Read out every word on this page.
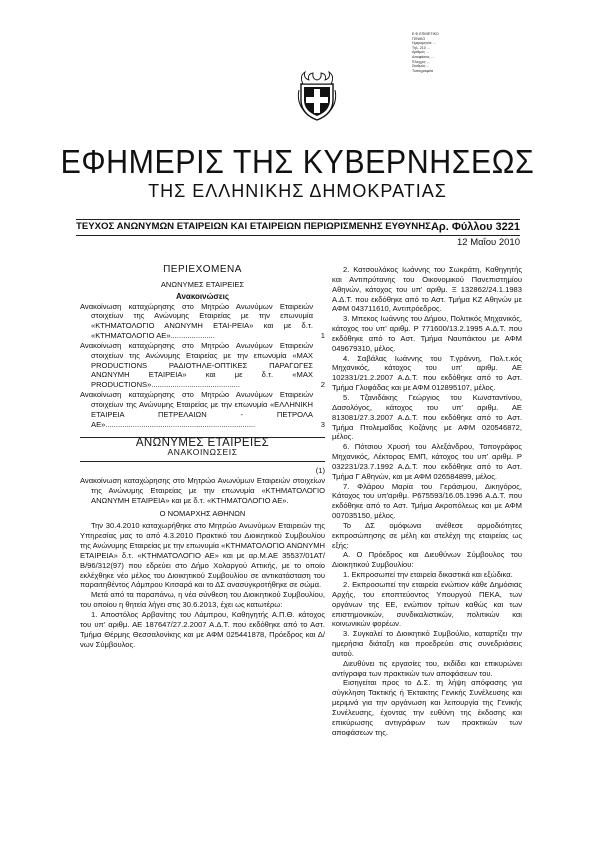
Ε.Φ.ΕΠΙΘΕΤΙΚΟ
ΓΕΝΙΚΟ
Ημερομηνία: ...
Τηλ. 210 ...
Αριθμός ...
Αποφάσεις ...
Έλεγχος ...
Σταθμός ...
Τυπογραφεία
ΕΦΗΜΕΡΙΣ ΤΗΣ ΚΥΒΕΡΝΗΣΕΩΣ
ΤΗΣ ΕΛΛΗΝΙΚΗΣ ΔΗΜΟΚΡΑΤΙΑΣ
ΤΕΥΧΟΣ ΑΝΩΝΥΜΩΝ ΕΤΑΙΡΕΙΩΝ ΚΑΙ ΕΤΑΙΡΕΙΩΝ ΠΕΡΙΩΡΙΣΜΕΝΗΣ ΕΥΘΥΝΗΣ Αρ. Φύλλου 3221
12 Μαΐου 2010
ΠΕΡΙΕΧΟΜΕΝΑ
ΑΝΩΝΥΜΕΣ ΕΤΑΙΡΕΙΕΣ
Ανακοινώσεις
Ανακοίνωση καταχώρησης στο Μητρώο Ανωνύμων Εταιρειών στοιχείων της Ανώνυμης Εταιρείας με την επωνυμία «ΚΤΗΜΑΤΟΛΟΓΙΟ ΑΝΩΝΥΜΗ ΕΤΑΙ-ΡΕΙΑ» και με δ.τ. «ΚΤΗΜΑΤΟΛΟΓΙΟ ΑΕ».....................	1
Ανακοίνωση καταχώρησης στο Μητρώο Ανωνύμων Εταιρειών στοιχείων της Ανώνυμης Εταιρείας με την επωνυμία «MAX PRODUCTIONS ΡΑΔΙΟΤΗΛΕ-ΟΠΤΙΚΕΣ ΠΑΡΑΓΩΓΕΣ ΑΝΩΝΥΜΗ ΕΤΑΙΡΕΙΑ» και με δ.τ. «MAX PRODUCTIONS»..........................................	2
Ανακοίνωση καταχώρησης στο Μητρώο Ανωνύμων Εταιρειών στοιχείων της Ανώνυμης Εταιρείας με την επωνυμία «ΕΛΛΗΝΙΚΗ ΕΤΑΙΡΕΙΑ ΠΕΤΡΕΛΑΙΩΝ - ΠΕΤΡΟΛΑ ΑΕ».......................................................................	3
ΑΝΩΝΥΜΕΣ ΕΤΑΙΡΕΙΕΣ
ΑΝΑΚΟΙΝΩΣΕΙΣ

(1)

Ανακοίνωση καταχώρησης στο Μητρώο Ανωνύμων Εταιρειών στοιχείων της Ανώνυμης Εταιρείας με την επωνυμία «ΚΤΗΜΑΤΟΛΟΓΙΟ ΑΝΩΝΥΜΗ ΕΤΑΙΡΕΙΑ» και με δ.τ. «ΚΤΗΜΑΤΟΛΟΓΙΟ ΑΕ».

Ο ΝΟΜΑΡΧΗΣ ΑΘΗΝΩΝ

Την 30.4.2010 καταχωρήθηκε στο Μητρώο Ανωνύμων Εταιρειών της Υπηρεσίας μας το από 4.3.2010 Πρακτικό του Διοικητικού Συμβουλίου της Ανώνυμης Εταιρείας με την επωνυμία «ΚΤΗΜΑΤΟΛΟΓΙΟ ΑΝΩΝΥΜΗ ΕΤΑΙΡΕΙΑ» δ.τ. «ΚΤΗΜΑΤΟΛΟΓΙΟ ΑΕ» και με αρ.Μ.ΑΕ 35537/01ΑΤ/Β/96/312(97) που εδρεύει στο Δήμο Χολαργού Αττικής, με το οποίο εκλέχθηκε νέο μέλος του Διοικητικού Συμβουλίου σε αντικατάσταση του παραιτηθέντος Λάμπρου Κιτσαρά και το ΔΣ ανασυγκροτήθηκε σε σώμα.

Μετά από τα παραπάνω, η νέα σύνθεση του Διοικητικού Συμβουλίου, του οποίου η θητεία λήγει στις 30.6.2013, έχει ως κατωτέρω:

1. Αποστόλος Αρβανίτης του Λάμπρου, Καθηγητής Α.Π.Θ. κάτοχος του υπ' αριθμ. ΑΕ 187647/27.2.2007 Α.Δ.Τ. που εκδόθηκε από το Αστ. Τμήμα Θέρμης Θεσσαλονίκης και με ΑΦΜ 025441878, Πρόεδρος και Δ/νων Σύμβουλος.

2. Κατσουλάκος Ιωάννης του Σωκράτη, Καθηγητής και Αντιπρύτανης του Οικονομικού Πανεπιστημίου Αθηνών, κάτοχος του υπ' αριθμ. Ξ 132862/24.1.1983 Α.Δ.Τ. που εκδόθηκε από το Αστ. Τμήμα ΚΖ Αθηνών με ΑΦΜ 043711610, Αντιπρόεδρος.

3. Μπεκος Ιωάννης του Δήμου, Πολιτικός Μηχανικός, κάτοχος του υπ' αριθμ. Ρ 771600/13.2.1995 Α.Δ.Τ. που εκδόθηκε από το Αστ. Τμήμα Ναυπάκτου με ΑΦΜ 049679310, μέλος.

4. Σαβάλας Ιωάννης του Τ.γράννη, Πολ.τ.κός Μηχανικός, κάτοχος του υπ' αριθμ. ΑΕ 102331/21.2.2007 Α.Δ.Τ. που εκδόθηκε από το Αστ. Τμήμα Γλυφάδας και με ΑΦΜ 012895107, μέλος.

5. Τζανιδάκης Γεώργιος του Κωνσταντίνου, Δασολόγος, κάτοχος του υπ' αριθμ. ΑΕ 813081/27.3.2007 Α.Δ.Τ. που εκδόθηκε από το Αστ. Τμήμα Πτολεμαΐδας Κοζάνης με ΑΦΜ 020546872, μέλος.

6. Πότσιου Χρυσή του Αλεξάνδρου, Τοπογράφος Μηχανικός, Λέκτορας ΕΜΠ, κάτοχος του υπ' αριθμ. Ρ 032231/23.7.1992 Α.Δ.Τ. που εκδόθηκε από το Αστ. Τμήμα Γ Αθηνών, και με ΑΦΜ 026584899, μέλος.

7. Φλάρου Μαρία του Γεράσιμου, Δικηγόρος, Κάτοχος του υπ'αριθμ. Ρ675593/16.05.1996 Α.Δ.Τ. που εκδόθηκε από το Αστ. Τμήμα Ακροπόλεως και με ΑΦΜ 007035150, μέλος.

Το ΔΣ ομόφωνα ανέθεσε αρμοδιότητες εκπροσώπησης σε μέλη και στελέχη της εταιρείας ως εξής:

Α. Ο Πρόεδρος και Διευθύνων Σύμβουλος του Διοικητικού Συμβουλίου:

1. Εκπροσωπεί την εταιρεία δικαστικά και εξώδικα.

2. Εκπροσωπεί την εταιρεία ενώπιον κάθε Δημόσιας Αρχής, του εποπτεύοντος Υπουργού ΠΕΚΑ, των οργάνων της ΕΕ, ενώπιον τρίτων καθώς και των επιστημονικών, συνδικαλιστικών, πολιτικών και κοινωνικών φορέων.

3. Συγκαλεί το Διοικητικό Συμβούλιο, καταρτίζει την ημερήσια διάταξη και προεδρεύει στις συνεδριάσεις αυτού.

Διευθύνει τις εργασίες του, εκδίδει και επικυρώνει αντίγραφα των πρακτικών των αποφάσεων του.

Εισηγείται προς το Δ.Σ. τη λήψη απόφασης για σύγκληση Τακτικής ή Έκτακτης Γενικής Συνέλευσης και μεριμνά για την οργάνωση και λειτουργία της Γενικής Συνέλευσης, έχοντας την ευθύνη της έκδοσης και επικύρωσης αντιγράφων των πρακτικών των αποφάσεων της.
